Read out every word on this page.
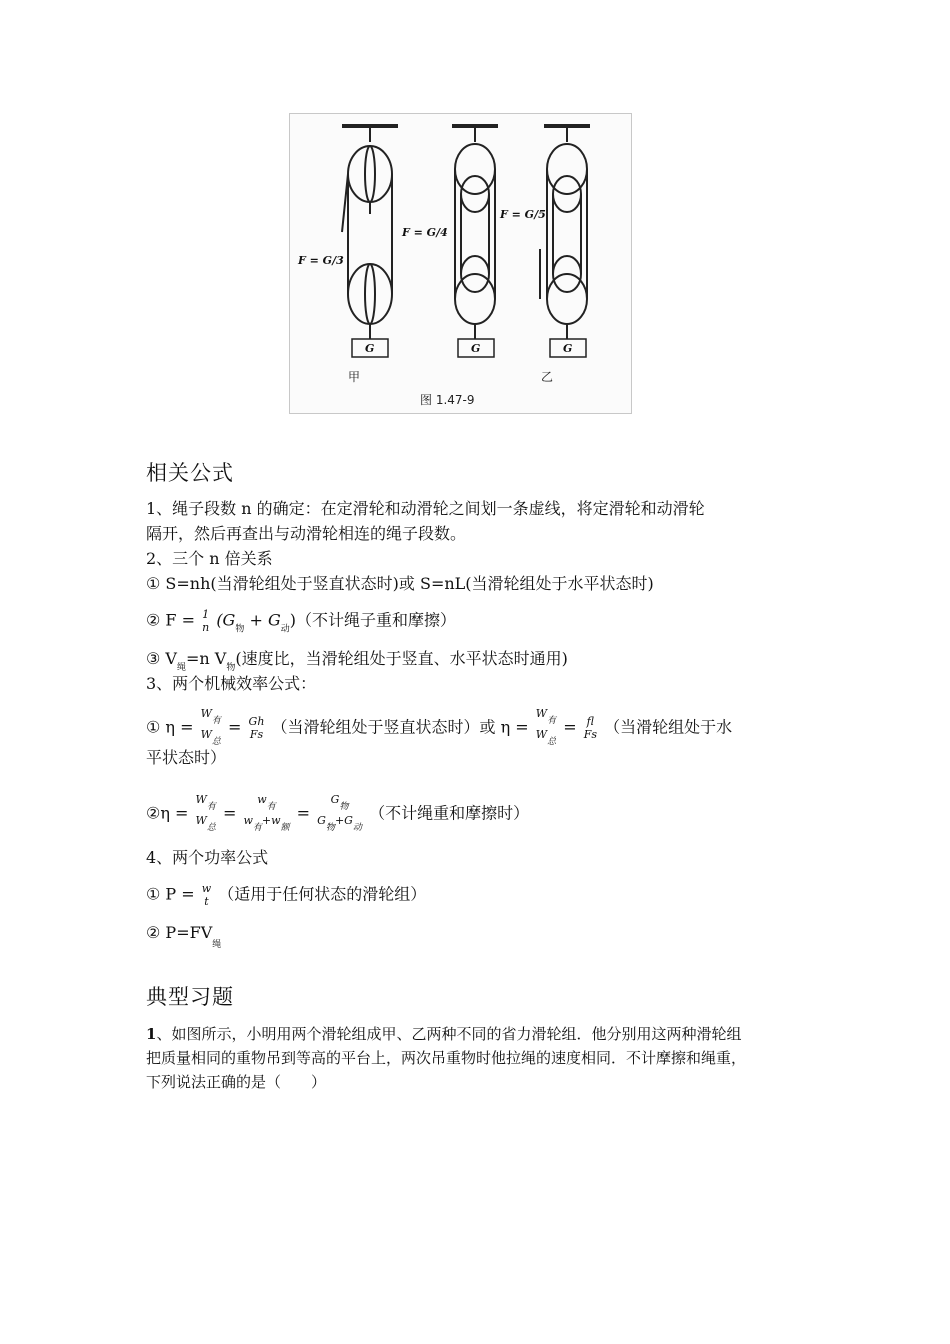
F = G/3
F = G/4
F = G/5
G	G	G
甲	乙
图 1.47-9
相关公式
1、绳子段数 n 的确定：在定滑轮和动滑轮之间划一条虚线，将定滑轮和动滑轮
隔开，然后再查出与动滑轮相连的绳子段数。
2、三个 n 倍关系
① S=nh(当滑轮组处于竖直状态时)或 S=nL(当滑轮组处于水平状态时)
② F = 1
n $(G_物 + G_动)$（不计绳子重和摩擦）
③ $V_绳=n$ $V_物$(速度比，当滑轮组处于竖直、水平状态时通用)
3、两个机械效率公式：
① η =
$W_有$
$W_总$
= Gh
Fs （当滑轮组处于竖直状态时）或 η =
$W_有$
$W_总$
= fl
Fs （当滑轮组处于水
平状态时）
②η =
$W_有$
$W_总$
=
$w_有$
$w_有+w_额$
=
$G_物$
$G_物+G_动$
（不计绳重和摩擦时）
4、两个功率公式
① P = w
t （适用于任何状态的滑轮组）
② $P=FV_绳$
典型习题
1、如图所示，小明用两个滑轮组成甲、乙两种不同的省力滑轮组．他分别用这两种滑轮组
把质量相同的重物吊到等高的平台上，两次吊重物时他拉绳的速度相同．不计摩擦和绳重，
下列说法正确的是（　　）
